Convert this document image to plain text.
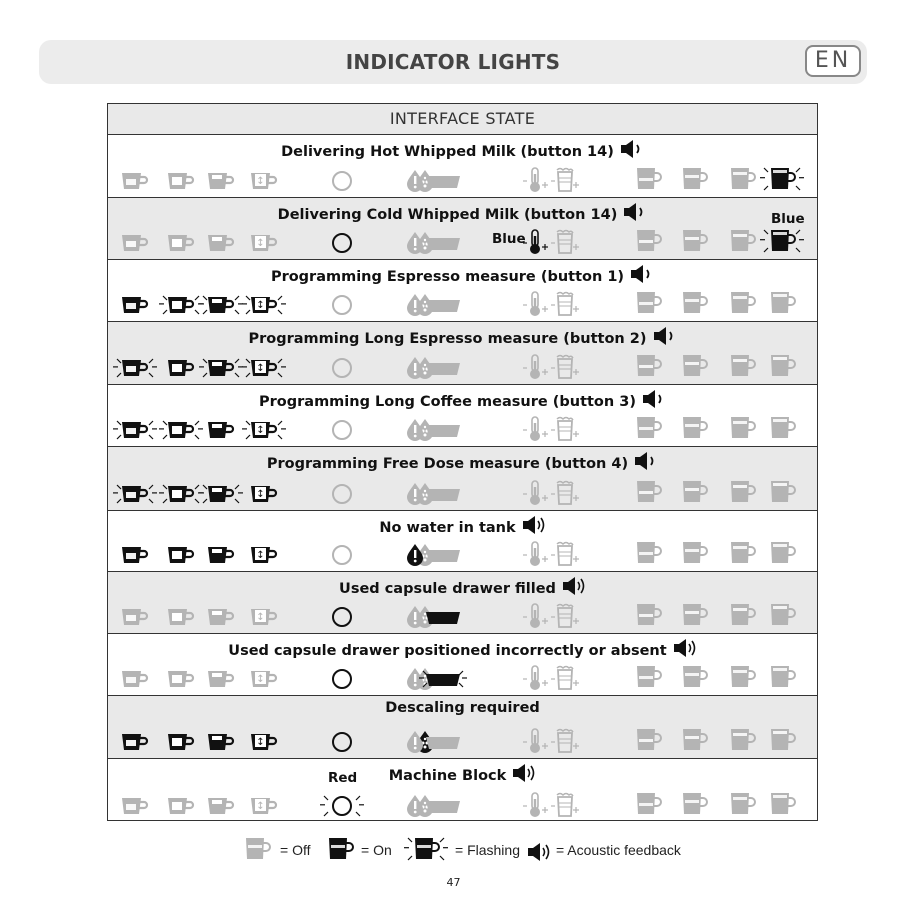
INDICATOR LIGHTS	EN
INTERFACE STATE
Delivering Hot Whipped Milk (button 14)
↕
Delivering Cold Whipped Milk (button 14)
↕	Blue
Blue
Programming Espresso measure (button 1)
↕
Programming Long Espresso measure (button 2)
↕
Programming Long Coffee measure (button 3)
↕
Programming Free Dose measure (button 4)
↕
No water in tank
↕
Used capsule drawer filled
↕
Used capsule drawer positioned incorrectly or absent
↕
Descaling required
↕
Machine Block
↕
Red
= Off	= On	= Flashing	= Acoustic feedback
47
